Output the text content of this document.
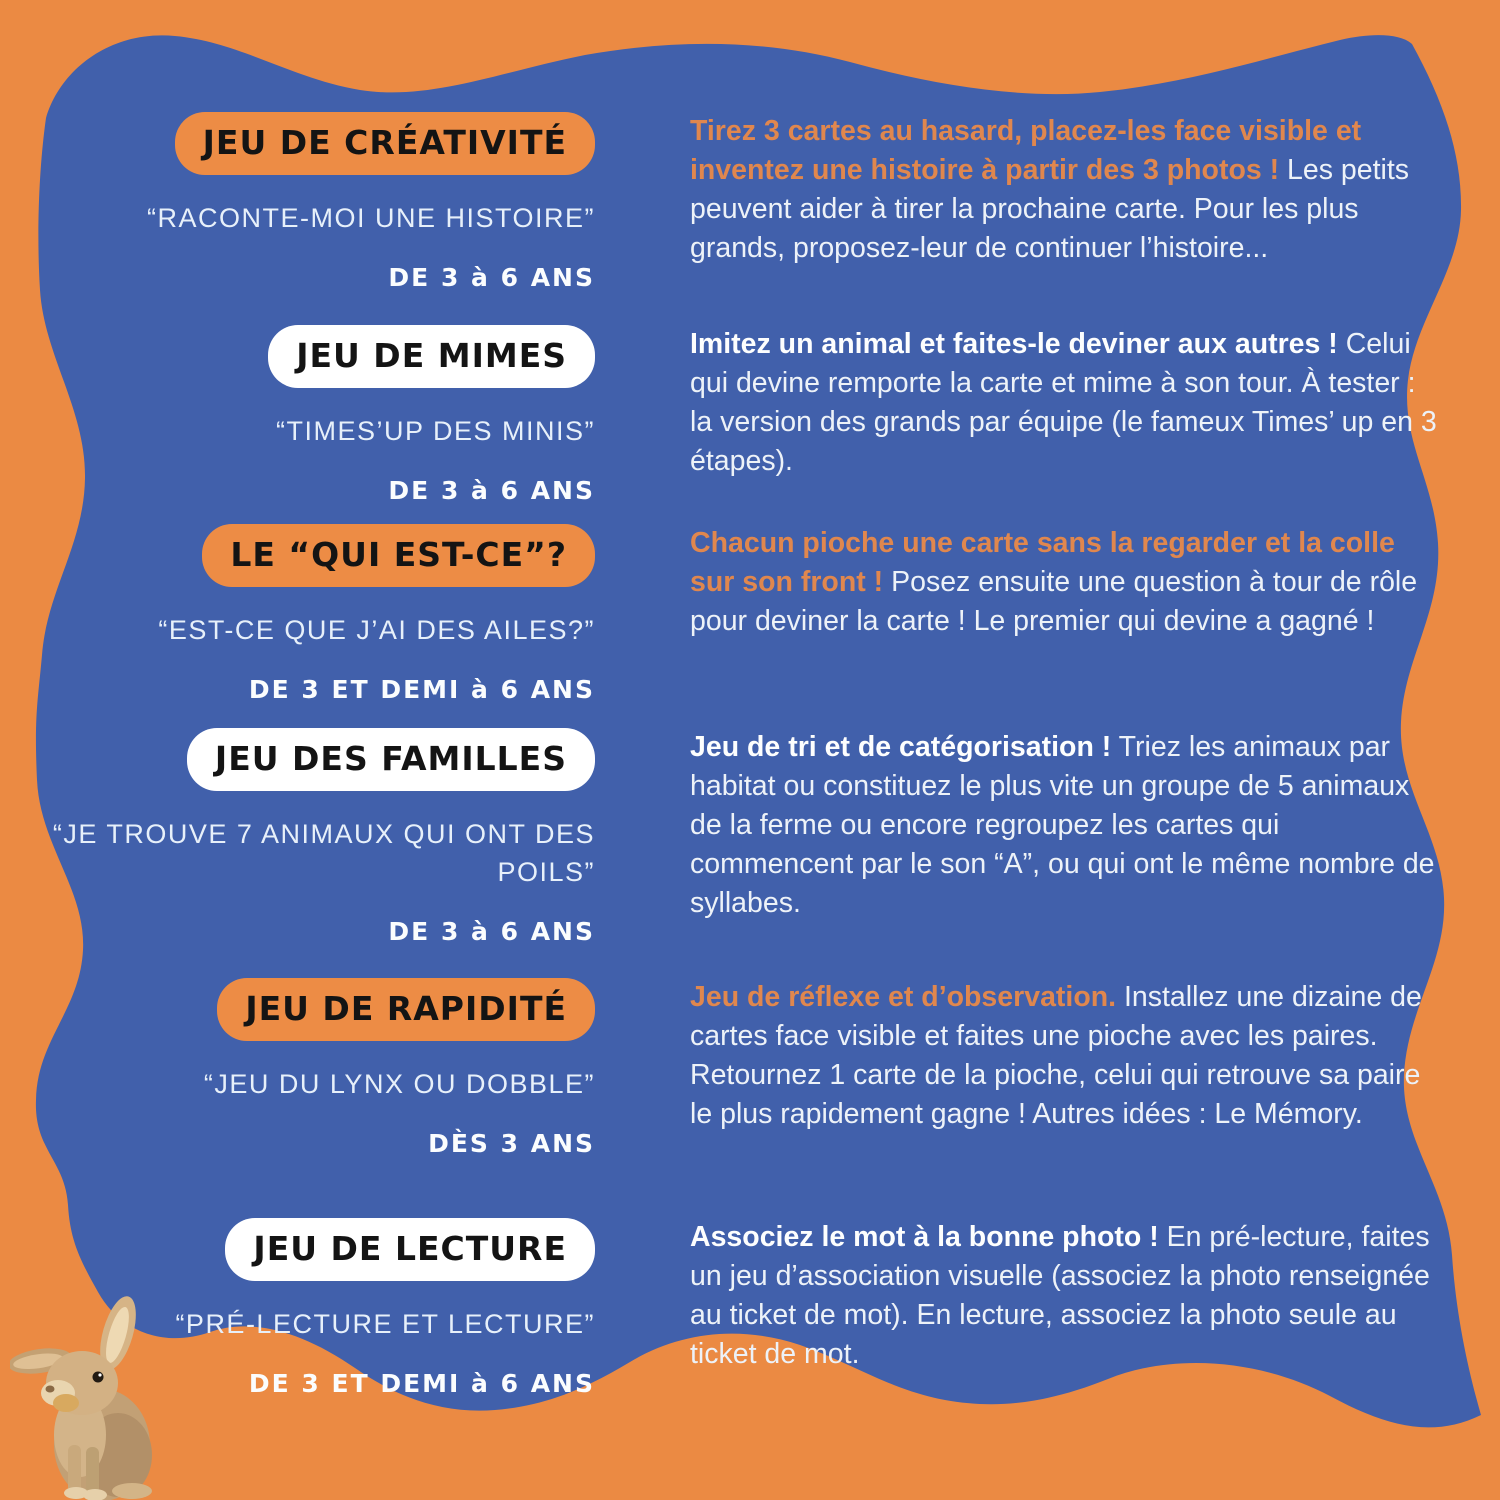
JEU DE CRÉATIVITÉ
“RACONTE-MOI UNE HISTOIRE”
DE 3 à 6 ANS

Tirez 3 cartes au hasard, placez-les face visible et inventez une histoire à partir des 3 photos ! Les petits peuvent aider à tirer la prochaine carte. Pour les plus grands, proposez-leur de continuer l’histoire...

JEU DE MIMES
“TIMES’UP DES MINIS”
DE 3 à 6 ANS

Imitez un animal et faites-le deviner aux autres ! Celui qui devine remporte la carte et mime à son tour. À tester : la version des grands par équipe (le fameux Times’ up en 3 étapes).

LE “QUI EST-CE”?
“EST-CE QUE J’AI DES AILES?”
DE 3 ET DEMI à 6 ANS

Chacun pioche une carte sans la regarder et la colle sur son front ! Posez ensuite une question à tour de rôle pour deviner la carte ! Le premier qui devine a gagné !

JEU DES FAMILLES
“JE TROUVE 7 ANIMAUX QUI ONT DES POILS”
DE 3 à 6 ANS

Jeu de tri et de catégorisation ! Triez les animaux par habitat ou constituez le plus vite un groupe de 5 animaux de la ferme ou encore regroupez les cartes qui commencent par le son “A”, ou qui ont le même nombre de syllabes.

JEU DE RAPIDITÉ
“JEU DU LYNX OU DOBBLE”
DÈS 3 ANS

Jeu de réflexe et d’observation. Installez une dizaine de cartes face visible et faites une pioche avec les paires. Retournez 1 carte de la pioche, celui qui retrouve sa paire le plus rapidement gagne ! Autres idées : Le Mémory.

JEU DE LECTURE
“PRÉ-LECTURE ET LECTURE”
DE 3 ET DEMI à 6 ANS

Associez le mot à la bonne photo ! En pré-lecture, faites un jeu d’association visuelle (associez la photo renseignée au ticket de mot). En lecture, associez la photo seule au ticket de mot.
